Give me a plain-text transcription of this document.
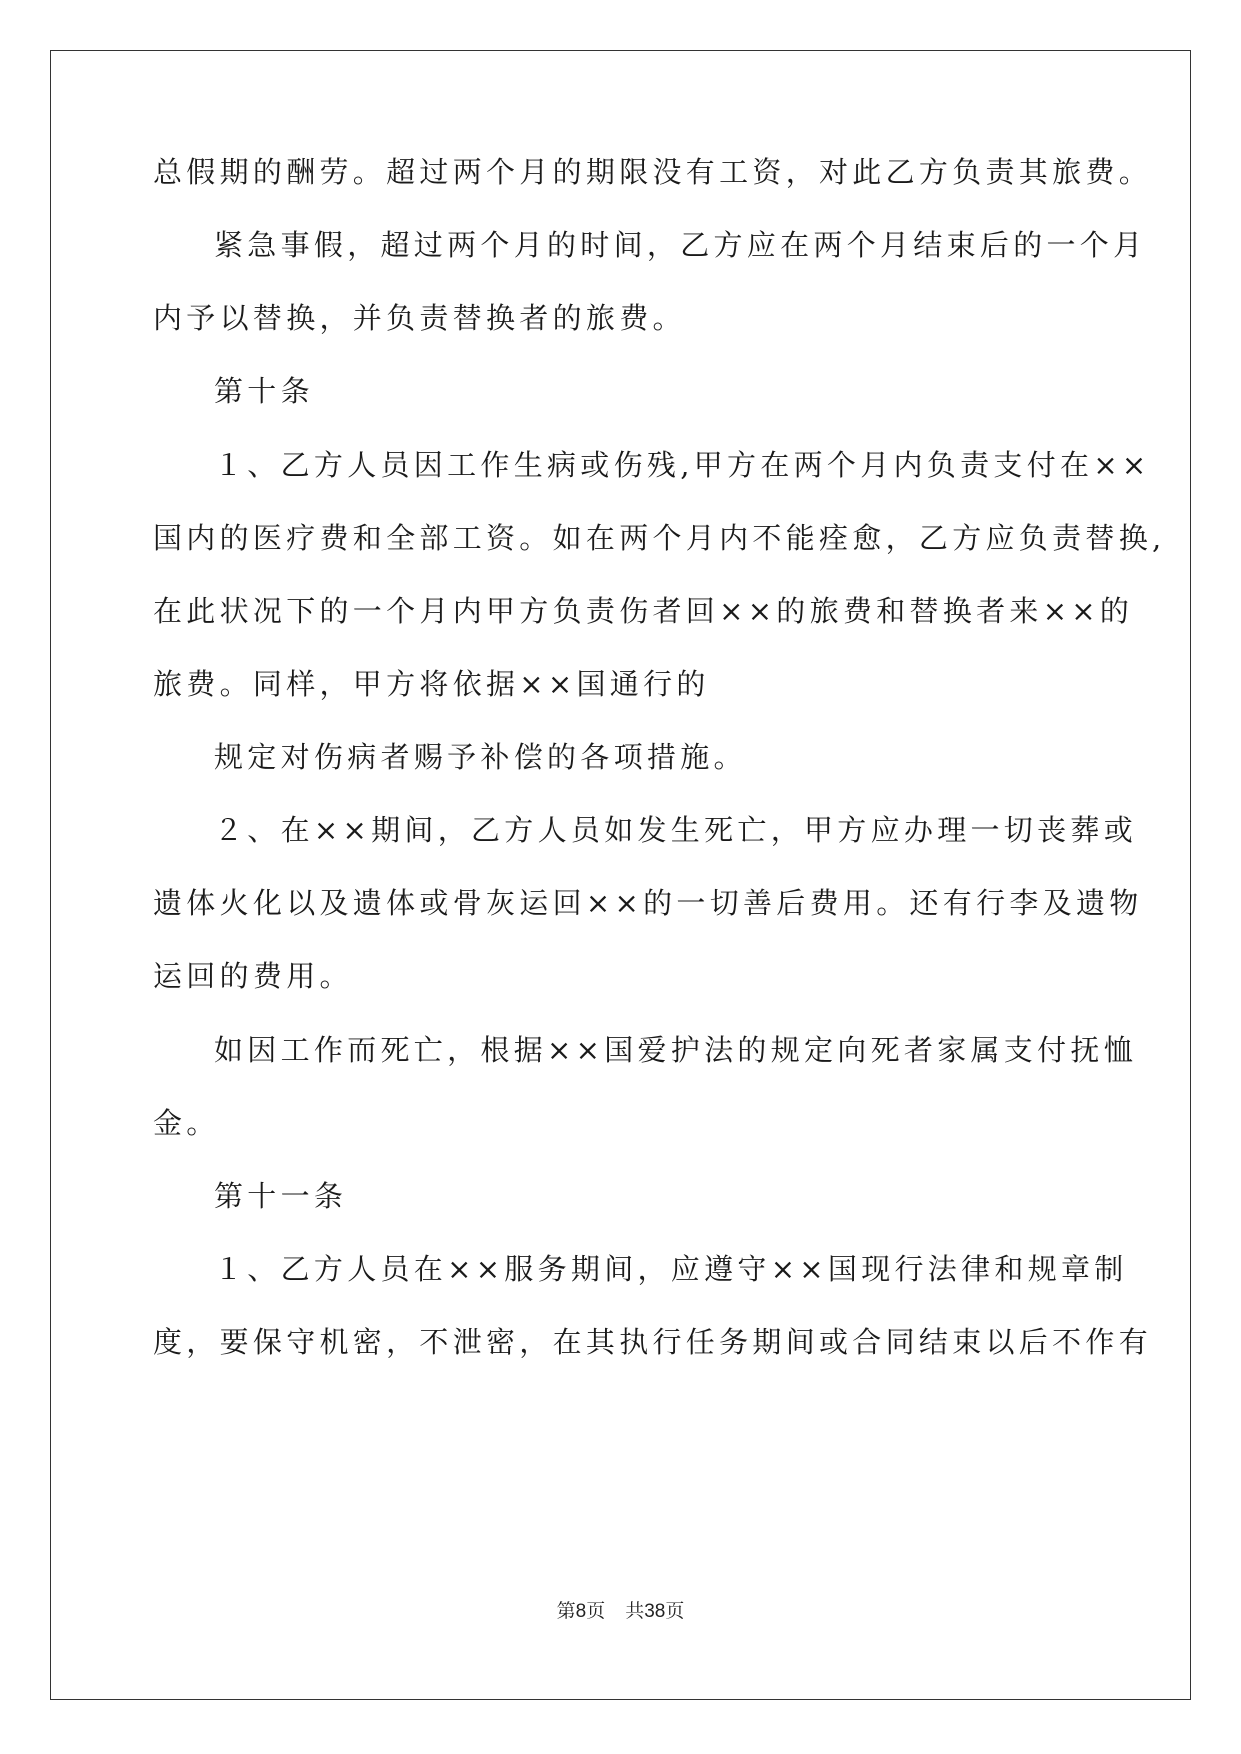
总假期的酬劳。超过两个月的期限没有工资，对此乙方负责其旅费。
紧急事假，超过两个月的时间，乙方应在两个月结束后的一个月
内予以替换，并负责替换者的旅费。
第十条
１、乙方人员因工作生病或伤残,甲方在两个月内负责支付在××
国内的医疗费和全部工资。如在两个月内不能痊愈，乙方应负责替换,
在此状况下的一个月内甲方负责伤者回××的旅费和替换者来××的
旅费。同样，甲方将依据××国通行的
规定对伤病者赐予补偿的各项措施。
２、在××期间，乙方人员如发生死亡，甲方应办理一切丧葬或
遗体火化以及遗体或骨灰运回××的一切善后费用。还有行李及遗物
运回的费用。
如因工作而死亡，根据××国爱护法的规定向死者家属支付抚恤
金。
第十一条
１、乙方人员在××服务期间，应遵守××国现行法律和规章制
度，要保守机密，不泄密，在其执行任务期间或合同结束以后不作有
第8页 共38页
